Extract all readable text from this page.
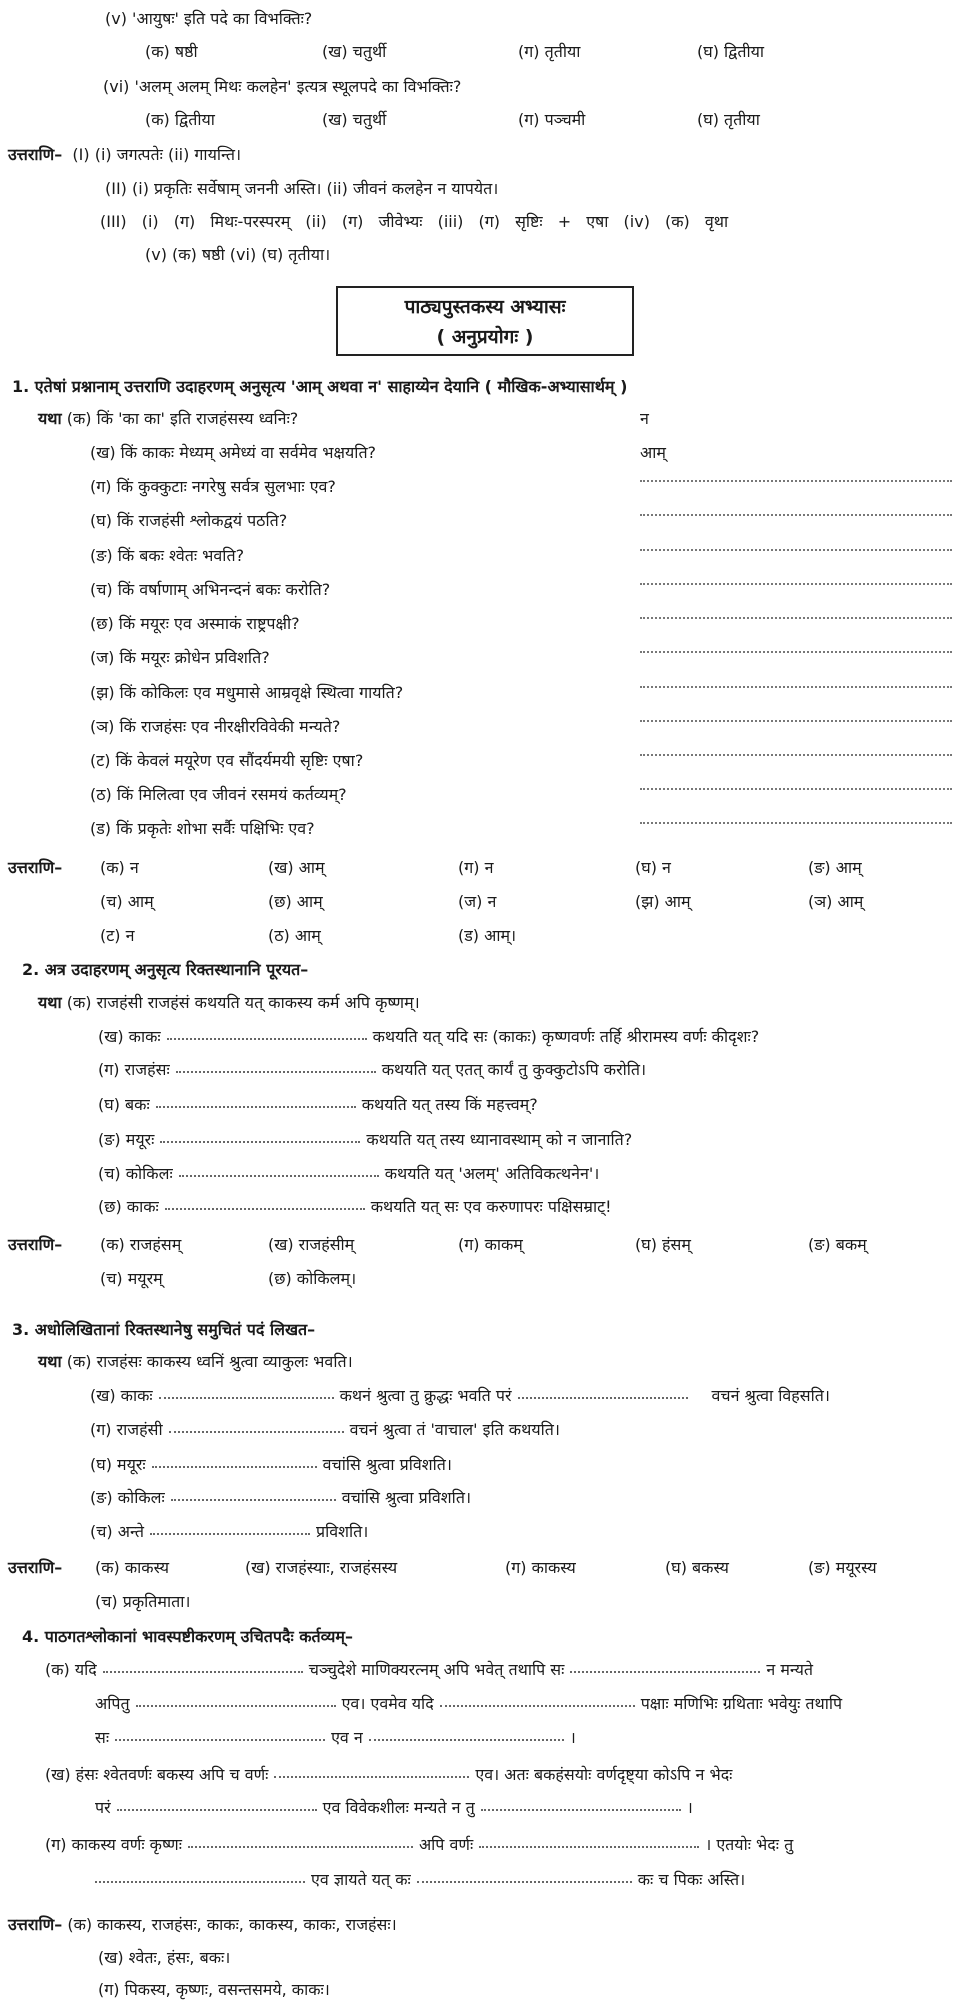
(v) 'आयुषः' इति पदे का विभक्तिः?
(क) षष्ठी	(ख) चतुर्थी	(ग) तृतीया	(घ) द्वितीया
(vi) 'अलम् अलम् मिथः कलहेन' इत्यत्र स्थूलपदे का विभक्तिः?
(क) द्वितीया	(ख) चतुर्थी	(ग) पञ्चमी	(घ) तृतीया
उत्तराणि– (I) (i) जगत्पतेः (ii) गायन्ति।
(II) (i) प्रकृतिः सर्वेषाम् जननी अस्ति। (ii) जीवनं कलहेन न यापयेत।
(III) (i) (ग) मिथः-परस्परम् (ii) (ग) जीवेभ्यः (iii) (ग) सृष्टिः + एषा (iv) (क) वृथा
(v) (क) षष्ठी (vi) (घ) तृतीया।
पाठ्यपुस्तकस्य अभ्यासः
( अनुप्रयोगः )
1. एतेषां प्रश्नानाम् उत्तराणि उदाहरणम् अनुसृत्य 'आम् अथवा न' साहाय्येन देयानि ( मौखिक-अभ्यासार्थम् )
यथा (क) किं 'का का' इति राजहंसस्य ध्वनिः?	न
(ख) किं काकः मेध्यम् अमेध्यं वा सर्वमेव भक्षयति?	आम्
(ग) किं कुक्कुटाः नगरेषु सर्वत्र सुलभाः एव?
(घ) किं राजहंसी श्लोकद्वयं पठति?
(ङ) किं बकः श्वेतः भवति?
(च) किं वर्षाणाम् अभिनन्दनं बकः करोति?
(छ) किं मयूरः एव अस्माकं राष्ट्रपक्षी?
(ज) किं मयूरः क्रोधेन प्रविशति?
(झ) किं कोकिलः एव मधुमासे आम्रवृक्षे स्थित्वा गायति?
(ञ) किं राजहंसः एव नीरक्षीरविवेकी मन्यते?
(ट) किं केवलं मयूरेण एव सौंदर्यमयी सृष्टिः एषा?
(ठ) किं मिलित्वा एव जीवनं रसमयं कर्तव्यम्?
(ड) किं प्रकृतेः शोभा सर्वैः पक्षिभिः एव?
उत्तराणि– (क) न	(ख) आम्	(ग) न	(घ) न	(ङ) आम्
(च) आम्	(छ) आम्	(ज) न	(झ) आम्	(ञ) आम्
(ट) न	(ठ) आम्	(ड) आम्।
2. अत्र उदाहरणम् अनुसृत्य रिक्तस्थानानि पूरयत–
यथा (क) राजहंसी राजहंसं कथयति यत् काकस्य कर्म अपि कृष्णम्।
(ख) काकः	कथयति यत् यदि सः (काकः) कृष्णवर्णः तर्हि श्रीरामस्य वर्णः कीदृशः?
(ग) राजहंसः	कथयति यत् एतत् कार्यं तु कुक्कुटोऽपि करोति।
(घ) बकः	कथयति यत् तस्य किं महत्त्वम्?
(ङ) मयूरः	कथयति यत् तस्य ध्यानावस्थाम् को न जानाति?
(च) कोकिलः	कथयति यत् 'अलम्' अतिविकत्थनेन'।
(छ) काकः	कथयति यत् सः एव करुणापरः पक्षिसम्राट्!
उत्तराणि– (क) राजहंसम्	(ख) राजहंसीम्	(ग) काकम्	(घ) हंसम्	(ङ) बकम्
(च) मयूरम्	(छ) कोकिलम्।
3. अधोलिखितानां रिक्तस्थानेषु समुचितं पदं लिखत–
यथा (क) राजहंसः काकस्य ध्वनिं श्रुत्वा व्याकुलः भवति।
(ख) काकः	कथनं श्रुत्वा तु क्रुद्धः भवति परं	वचनं श्रुत्वा विहसति।
(ग) राजहंसी	वचनं श्रुत्वा तं 'वाचाल' इति कथयति।
(घ) मयूरः	वचांसि श्रुत्वा प्रविशति।
(ङ) कोकिलः	वचांसि श्रुत्वा प्रविशति।
(च) अन्ते	प्रविशति।
उत्तराणि– (क) काकस्य	(ख) राजहंस्याः, राजहंसस्य	(ग) काकस्य	(घ) बकस्य	(ङ) मयूरस्य
(च) प्रकृतिमाता।
4. पाठगतश्लोकानां भावस्पष्टीकरणम् उचितपदैः कर्तव्यम्–
(क) यदि	चञ्चुदेशे माणिक्यरत्नम् अपि भवेत् तथापि सः	न मन्यते
अपितु	एव। एवमेव यदि	पक्षाः मणिभिः ग्रथिताः भवेयुः तथापि
सः	एव न	।
(ख) हंसः श्वेतवर्णः बकस्य अपि च वर्णः	एव। अतः बकहंसयोः वर्णदृष्ट्या कोऽपि न भेदः
परं	एव विवेकशीलः मन्यते न तु	।
(ग) काकस्य वर्णः कृष्णः	अपि वर्णः	। एतयोः भेदः तु
एव ज्ञायते यत् कः	कः च पिकः अस्ति।
उत्तराणि– (क) काकस्य, राजहंसः, काकः, काकस्य, काकः, राजहंसः।
(ख) श्वेतः, हंसः, बकः।
(ग) पिकस्य, कृष्णः, वसन्तसमये, काकः।
